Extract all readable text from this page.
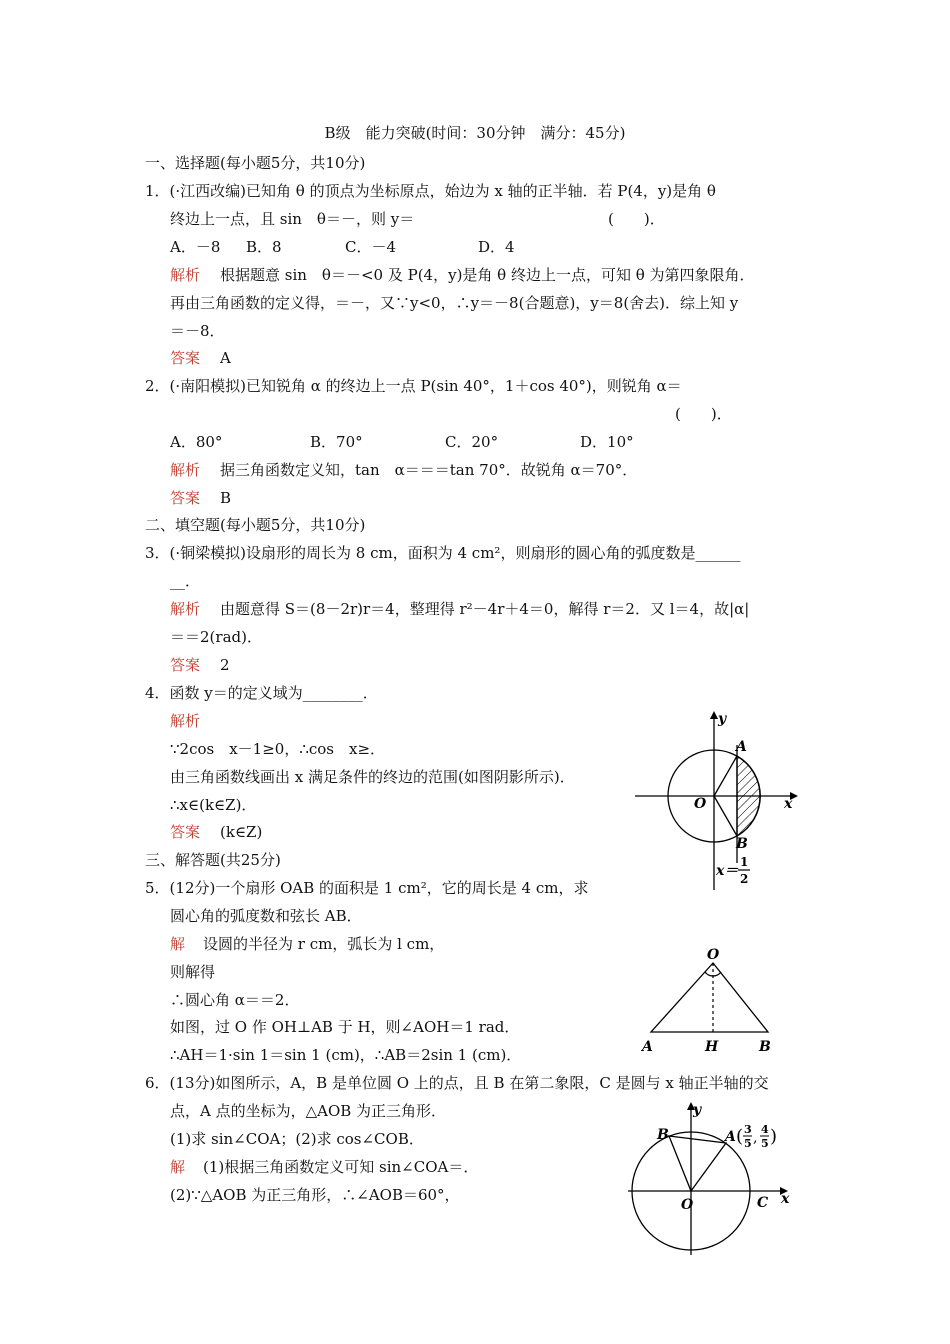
B级　能力突破(时间：30分钟　满分：45分)
一、选择题(每小题5分，共10分)
1．(·江西改编)已知角 θ 的顶点为坐标原点，始边为 x 轴的正半轴．若 P(4，y)是角 θ
终边上一点，且 sin　θ＝－，则 y＝	(　　)．
A．－8 B．8	C．－4	D．4
解析 根据题意 sin　θ＝－<0 及 P(4，y)是角 θ 终边上一点，可知 θ 为第四象限角．
再由三角函数的定义得，＝－，又∵y<0，∴y＝－8(合题意)，y＝8(舍去)．综上知 y
＝－8．
答案 A
2．(·南阳模拟)已知锐角 α 的终边上一点 P(sin 40°，1＋cos 40°)，则锐角 α＝
(　　)．
A．80°	B．70°	C．20°	D．10°
解析 据三角函数定义知，tan　α＝＝＝tan 70°．故锐角 α＝70°．
答案 B
二、填空题(每小题5分，共10分)
3．(·铜梁模拟)设扇形的周长为 8 cm，面积为 4 cm²，则扇形的圆心角的弧度数是______
__．
解析 由题意得 S＝(8－2r)r＝4，整理得 r²－4r＋4＝0，解得 r＝2．又 l＝4，故|α|
＝＝2(rad)．
答案 2
4．函数 y＝的定义域为________．
解析
∵2cos　x－1≥0，∴cos　x≥．
由三角函数线画出 x 满足条件的终边的范围(如图阴影所示)．
∴x∈(k∈Z)．
答案 (k∈Z)
三、解答题(共25分)
5．(12分)一个扇形 OAB 的面积是 1 cm²，它的周长是 4 cm，求
圆心角的弧度数和弦长 AB．
解 设圆的半径为 r cm，弧长为 l cm，
则解得
∴圆心角 α＝＝2．
如图，过 O 作 OH⊥AB 于 H，则∠AOH＝1 rad．
∴AH＝1·sin 1＝sin 1 (cm)，∴AB＝2sin 1 (cm)．
6．(13分)如图所示，A，B 是单位圆 O 上的点，且 B 在第二象限，C 是圆与 x 轴正半轴的交
点，A 点的坐标为，△AOB 为正三角形．
(1)求 sin∠COA；(2)求 cos∠COB．
解 (1)根据三角函数定义可知 sin∠COA＝．
(2)∵△AOB 为正三角形，∴∠AOB＝60°，
y
x
O
A
B
x＝
1
2
O
A	H	B
y
x
O	C
B	A ( 3
5 ,
4
5 )
